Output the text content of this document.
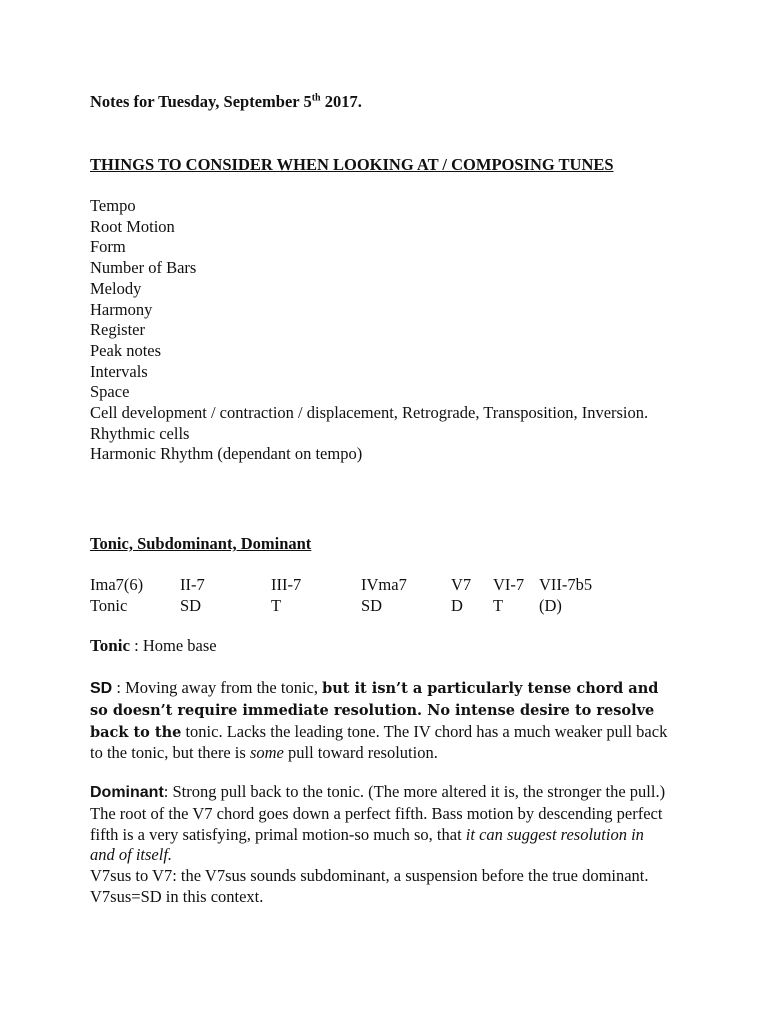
Notes for Tuesday, September 5th 2017.
THINGS TO CONSIDER WHEN LOOKING AT / COMPOSING TUNES
Tempo
Root Motion
Form
Number of Bars
Melody
Harmony
Register
Peak notes
Intervals
Space
Cell development / contraction / displacement, Retrograde, Transposition, Inversion.
Rhythmic cells
Harmonic Rhythm (dependant on tempo)
Tonic, Subdominant, Dominant
Ima7(6)	II-7	III-7	IVma7	V7	VI-7	VII-7b5
Tonic	SD	T	SD	D	T	(D)

Tonic : Home base

SD : Moving away from the tonic, but it isn’t a particularly tense chord and so doesn’t require immediate resolution. No intense desire to resolve back to the tonic. Lacks the leading tone. The IV chord has a much weaker pull back to the tonic, but there is some pull toward resolution.

Dominant: Strong pull back to the tonic. (The more altered it is, the stronger the pull.) The root of the V7 chord goes down a perfect fifth. Bass motion by descending perfect fifth is a very satisfying, primal motion-so much so, that it can suggest resolution in and of itself.
V7sus to V7: the V7sus sounds subdominant, a suspension before the true dominant. V7sus=SD in this context.
